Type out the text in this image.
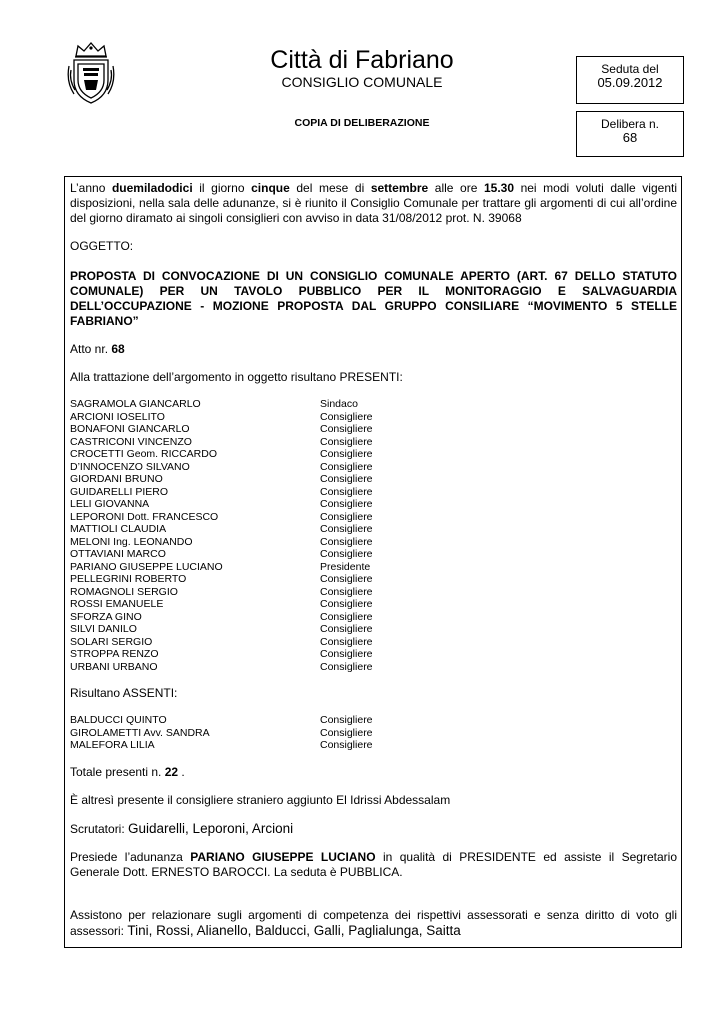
Città di Fabriano
CONSIGLIO COMUNALE
COPIA DI DELIBERAZIONE
Seduta del
05.09.2012
Delibera n.
68

L’anno duemiladodici il giorno cinque del mese di settembre alle ore 15.30 nei modi voluti dalle vigenti disposizioni, nella sala delle adunanze, si è riunito il Consiglio Comunale per trattare gli argomenti di cui all’ordine del giorno diramato ai singoli consiglieri con avviso in data 31/08/2012 prot. N. 39068

OGGETTO:

PROPOSTA DI CONVOCAZIONE DI UN CONSIGLIO COMUNALE APERTO (ART. 67 DELLO STATUTO COMUNALE) PER UN TAVOLO PUBBLICO PER IL MONITORAGGIO E SALVAGUARDIA DELL’OCCUPAZIONE - MOZIONE PROPOSTA DAL GRUPPO CONSILIARE “MOVIMENTO 5 STELLE FABRIANO”

Atto nr. 68

Alla trattazione dell’argomento in oggetto risultano PRESENTI:

SAGRAMOLA GIANCARLO	Sindaco
ARCIONI IOSELITO	Consigliere
BONAFONI GIANCARLO	Consigliere
CASTRICONI VINCENZO	Consigliere
CROCETTI Geom. RICCARDO	Consigliere
D’INNOCENZO SILVANO	Consigliere
GIORDANI BRUNO	Consigliere
GUIDARELLI PIERO	Consigliere
LELI GIOVANNA	Consigliere
LEPORONI Dott. FRANCESCO	Consigliere
MATTIOLI CLAUDIA	Consigliere
MELONI Ing. LEONANDO	Consigliere
OTTAVIANI MARCO	Consigliere
PARIANO GIUSEPPE LUCIANO	Presidente
PELLEGRINI ROBERTO	Consigliere
ROMAGNOLI SERGIO	Consigliere
ROSSI EMANUELE	Consigliere
SFORZA GINO	Consigliere
SILVI DANILO	Consigliere
SOLARI SERGIO	Consigliere
STROPPA RENZO	Consigliere
URBANI URBANO	Consigliere

Risultano ASSENTI:

BALDUCCI QUINTO	Consigliere
GIROLAMETTI Avv. SANDRA	Consigliere
MALEFORA LILIA	Consigliere

Totale presenti n. 22 .

È altresì presente il consigliere straniero aggiunto El Idrissi Abdessalam

Scrutatori: Guidarelli, Leporoni, Arcioni

Presiede l’adunanza PARIANO GIUSEPPE LUCIANO in qualità di PRESIDENTE ed assiste il Segretario Generale Dott. ERNESTO BAROCCI. La seduta è PUBBLICA.

Assistono per relazionare sugli argomenti di competenza dei rispettivi assessorati e senza diritto di voto gli assessori: Tini, Rossi, Alianello, Balducci, Galli, Paglialunga, Saitta
